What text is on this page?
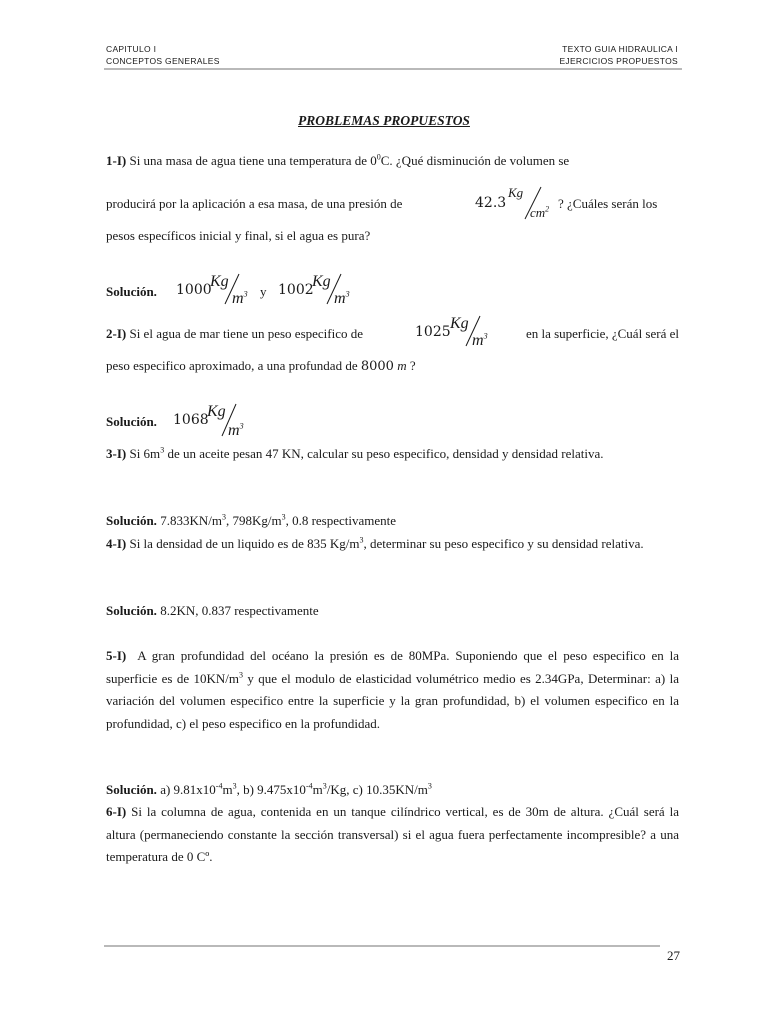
CAPITULO I
CONCEPTOS GENERALES
TEXTO GUIA HIDRAULICA I
EJERCICIOS PROPUESTOS
PROBLEMAS PROPUESTOS
1-I) Si una masa de agua tiene una temperatura de $0^0C$. ¿Qué disminución de volumen se
producirá por la aplicación a esa masa, de una presión de	42.3
Kg
$cm^2$ ? ¿Cuáles serán los
pesos específicos inicial y final, si el agua es pura?
Solución.	1000
Kg
$m^3$ y 1002
Kg
$m^3$
2-I) Si el agua de mar tiene un peso especifico de	1025 Kg
$m^3$	en la superficie, ¿Cuál será el
peso especifico aproximado, a una profundad de 8000 m ?
Solución.	1068
Kg
$m^3$
3-I) Si $6m^3$ de un aceite pesan 47 KN, calcular su peso especifico, densidad y densidad relativa.
Solución. $7.833KN/m^3$, $798Kg/m^3$, 0.8 respectivamente
4-I) Si la densidad de un liquido es de 835 $Kg/m^3$, determinar su peso especifico y su densidad relativa.
Solución. 8.2KN, 0.837 respectivamente
5-I) A gran profundidad del océano la presión es de 80MPa. Suponiendo que el peso especifico en la superficie es de $10KN/m^3$ y que el modulo de elasticidad volumétrico medio es 2.34GPa, Determinar: a) la variación del volumen especifico entre la superficie y la gran profundidad, b) el volumen especifico en la profundidad, c) el peso especifico en la profundidad.
Solución. a) $9.81x10^{-4}m^3$, b) $9.475x10^{-4}m^3/Kg$, c) $10.35KN/m^3$
6-I) Si la columna de agua, contenida en un tanque cilíndrico vertical, es de 30m de altura. ¿Cuál será la altura (permaneciendo constante la sección transversal) si el agua fuera perfectamente incompresible? a una temperatura de 0 Cº.
27
